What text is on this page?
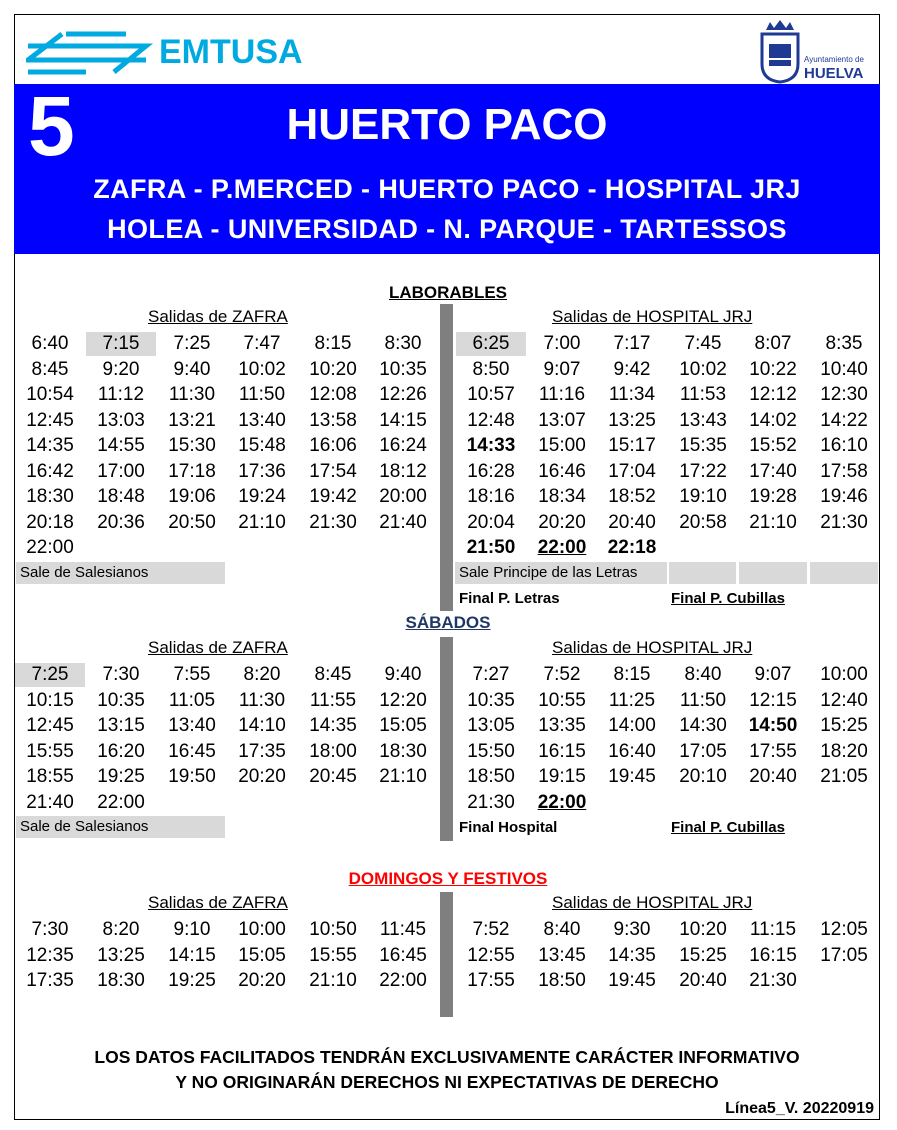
EMTUSA	Ayuntamiento de
HUELVA
5	HUERTO PACO
ZAFRA - P.MERCED - HUERTO PACO - HOSPITAL JRJ
HOLEA - UNIVERSIDAD - N. PARQUE - TARTESSOS
LABORABLES
Salidas de ZAFRA	Salidas de HOSPITAL JRJ
6:40	7:15	7:25	7:47	8:15	8:30
8:45	9:20	9:40	10:02	10:20	10:35
10:54	11:12	11:30	11:50	12:08	12:26
12:45	13:03	13:21	13:40	13:58	14:15
14:35	14:55	15:30	15:48	16:06	16:24
16:42	17:00	17:18	17:36	17:54	18:12
18:30	18:48	19:06	19:24	19:42	20:00
20:18	20:36	20:50	21:10	21:30	21:40
22:00
6:25	7:00	7:17	7:45	8:07	8:35
8:50	9:07	9:42	10:02	10:22	10:40
10:57	11:16	11:34	11:53	12:12	12:30
12:48	13:07	13:25	13:43	14:02	14:22
14:33	15:00	15:17	15:35	15:52	16:10
16:28	16:46	17:04	17:22	17:40	17:58
18:16	18:34	18:52	19:10	19:28	19:46
20:04	20:20	20:40	20:58	21:10	21:30
21:50	22:00	22:18
Sale de Salesianos	Sale Principe de las Letras
Final P. Letras	Final P. Cubillas
SÁBADOS
Salidas de ZAFRA	Salidas de HOSPITAL JRJ
7:25	7:30	7:55	8:20	8:45	9:40
10:15	10:35	11:05	11:30	11:55	12:20
12:45	13:15	13:40	14:10	14:35	15:05
15:55	16:20	16:45	17:35	18:00	18:30
18:55	19:25	19:50	20:20	20:45	21:10
21:40	22:00
7:27	7:52	8:15	8:40	9:07	10:00
10:35	10:55	11:25	11:50	12:15	12:40
13:05	13:35	14:00	14:30	14:50	15:25
15:50	16:15	16:40	17:05	17:55	18:20
18:50	19:15	19:45	20:10	20:40	21:05
21:30	22:00
Sale de Salesianos	Final Hospital	Final P. Cubillas
DOMINGOS Y FESTIVOS
Salidas de ZAFRA	Salidas de HOSPITAL JRJ
7:30	8:20	9:10	10:00	10:50	11:45
12:35	13:25	14:15	15:05	15:55	16:45
17:35	18:30	19:25	20:20	21:10	22:00
7:52	8:40	9:30	10:20	11:15	12:05
12:55	13:45	14:35	15:25	16:15	17:05
17:55	18:50	19:45	20:40	21:30
LOS DATOS FACILITADOS TENDRÁN EXCLUSIVAMENTE CARÁCTER INFORMATIVO
Y NO ORIGINARÁN DERECHOS NI EXPECTATIVAS DE DERECHO
Línea5_V. 20220919
